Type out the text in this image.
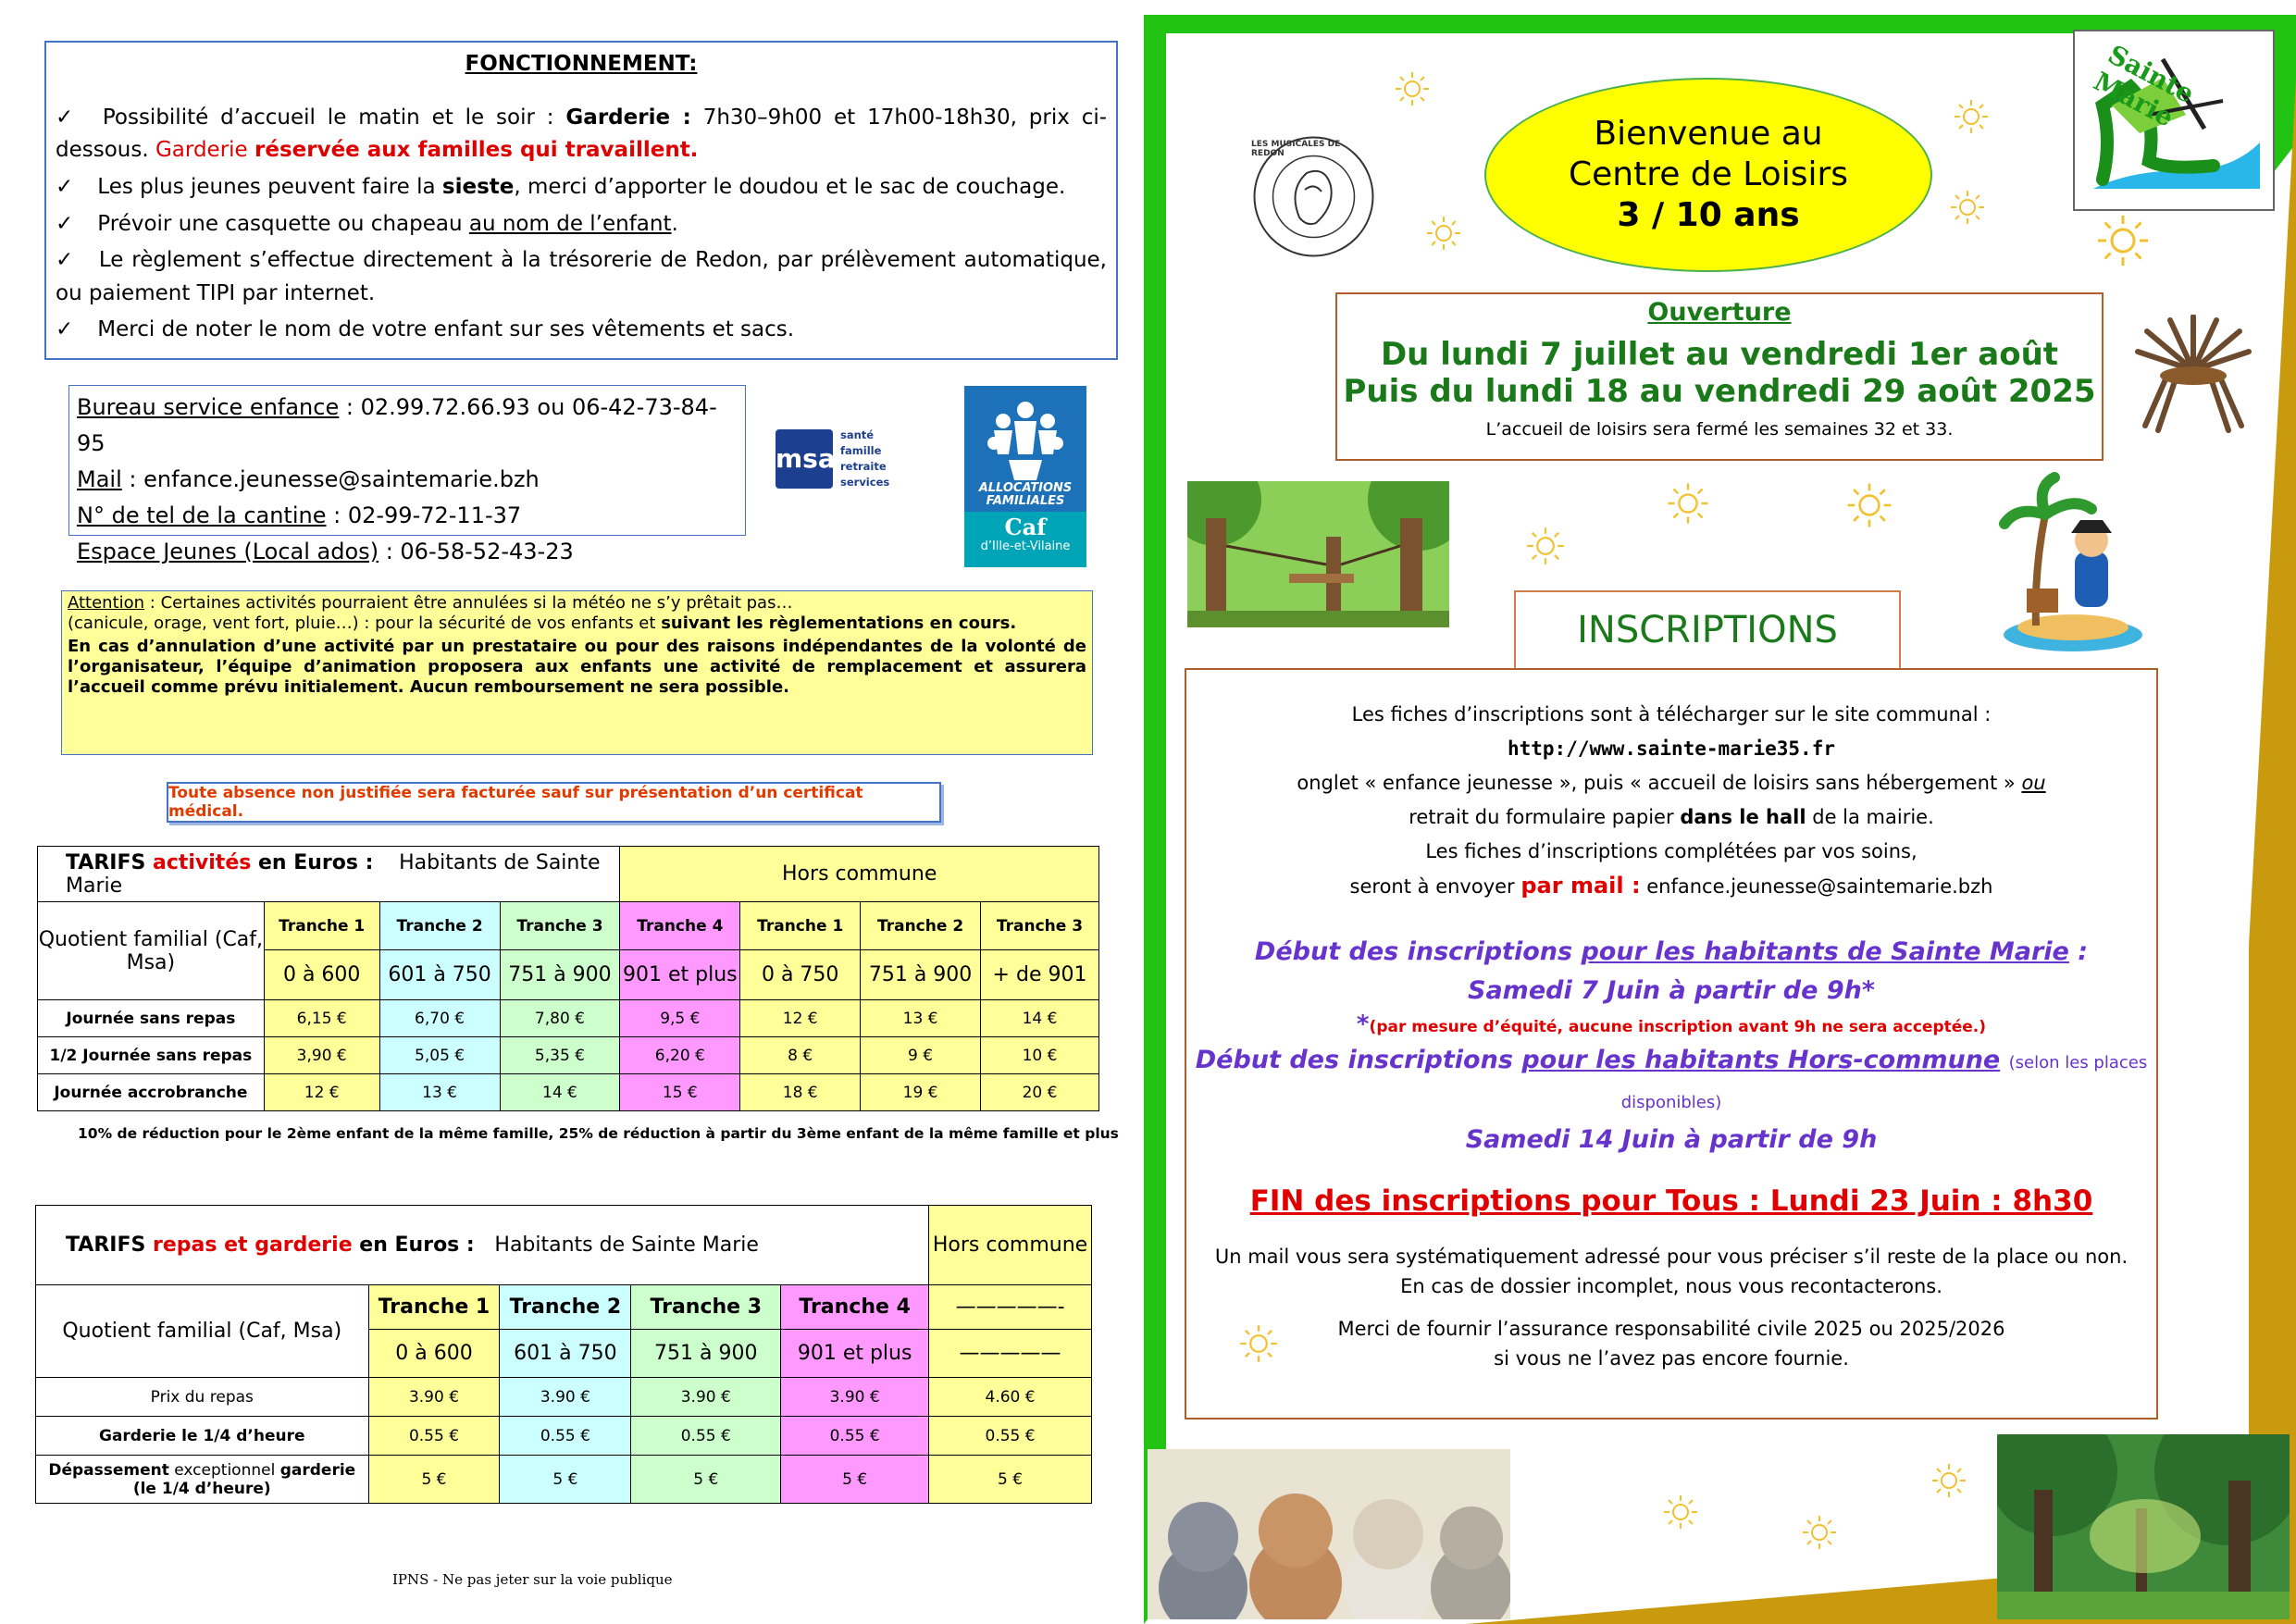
FONCTIONNEMENT:

✓ Possibilité d’accueil le matin et le soir : Garderie : 7h30–9h00 et 17h00-18h30, prix ci-dessous. Garderie réservée aux familles qui travaillent.

✓ Les plus jeunes peuvent faire la sieste, merci d’apporter le doudou et le sac de couchage.

✓ Prévoir une casquette ou chapeau au nom de l’enfant.

✓ Le règlement s’effectue directement à la trésorerie de Redon, par prélèvement automatique, ou paiement TIPI par internet.

✓ Merci de noter le nom de votre enfant sur ses vêtements et sacs.

Bureau service enfance : 02.99.72.66.93 ou 06-42-73-84-95
Mail : enfance.jeunesse@saintemarie.bzh
N° de tel de la cantine : 02-99-72-11-37
Espace Jeunes (Local ados) : 06-58-52-43-23
msa
santé
famille
retraite
services	ALLOCATIONS
FAMILIALES
Caf
d’Ille-et-Vilaine
Attention : Certaines activités pourraient être annulées si la météo ne s’y prêtait pas…
(canicule, orage, vent fort, pluie…) : pour la sécurité de vos enfants et suivant les règlementations en cours.
En cas d’annulation d’une activité par un prestataire ou pour des raisons indépendantes de la volonté de l’organisateur, l’équipe d’animation proposera aux enfants une activité de remplacement et assurera l’accueil comme prévu initialement. Aucun remboursement ne sera possible.
Toute absence non justifiée sera facturée sauf sur présentation d’un certificat médical.
TARIFS activités en Euros : Habitants de Sainte Marie				Hors commune			
Quotient familial (Caf, Msa)	Tranche 1	Tranche 2	Tranche 3	Tranche 4	Tranche 1	Tranche 2	Tranche 3
	0 à 600	601 à 750	751 à 900	901 et plus	0 à 750	751 à 900	+ de 901
Journée sans repas	6,15 €	6,70 €	7,80 €	9,5 €	12 €	13 €	14 €
1/2 Journée sans repas	3,90 €	5,05 €	5,35 €	6,20 €	8 €	9 €	10 €
Journée accrobranche	12 €	13 €	14 €	15 €	18 €	19 €	20 €
10% de réduction pour le 2ème enfant de la même famille, 25% de réduction à partir du 3ème enfant de la même famille et plus
TARIFS repas et garderie en Euros : Habitants de Sainte Marie					Hors commune
Quotient familial (Caf, Msa)	Tranche 1	Tranche 2	Tranche 3	Tranche 4	—————-
	0 à 600	601 à 750	751 à 900	901 et plus	—————
Prix du repas	3.90 €	3.90 €	3.90 €	3.90 €	4.60 €
Garderie le 1/4 d’heure	0.55 €	0.55 €	0.55 €	0.55 €	0.55 €
Dépassement exceptionnel garderie
(le 1/4 d’heure)	5 €	5 €	5 €	5 €	5 €
IPNS - Ne pas jeter sur la voie publique
Sainte Marie
LES MUSICALES DE REDON
Bienvenue au
Centre de Loisirs
3 / 10 ans
Ouverture
Du lundi 7 juillet au vendredi 1er août
Puis du lundi 18 au vendredi 29 août 2025
L’accueil de loisirs sera fermé les semaines 32 et 33.
INSCRIPTIONS
Les fiches d’inscriptions sont à télécharger sur le site communal :
http://www.sainte-marie35.fr
onglet « enfance jeunesse », puis « accueil de loisirs sans hébergement » ou
retrait du formulaire papier dans le hall de la mairie.
Les fiches d’inscriptions complétées par vos soins,
seront à envoyer par mail : enfance.jeunesse@saintemarie.bzh
Début des inscriptions pour les habitants de Sainte Marie :
Samedi 7 Juin à partir de 9h*
*(par mesure d’équité, aucune inscription avant 9h ne sera acceptée.)
Début des inscriptions pour les habitants Hors-commune (selon les places disponibles)
Samedi 14 Juin à partir de 9h
FIN des inscriptions pour Tous : Lundi 23 Juin : 8h30
Un mail vous sera systématiquement adressé pour vous préciser s’il reste de la place ou non.
En cas de dossier incomplet, nous vous recontacterons.
Merci de fournir l’assurance responsabilité civile 2025 ou 2025/2026
si vous ne l’avez pas encore fournie.
